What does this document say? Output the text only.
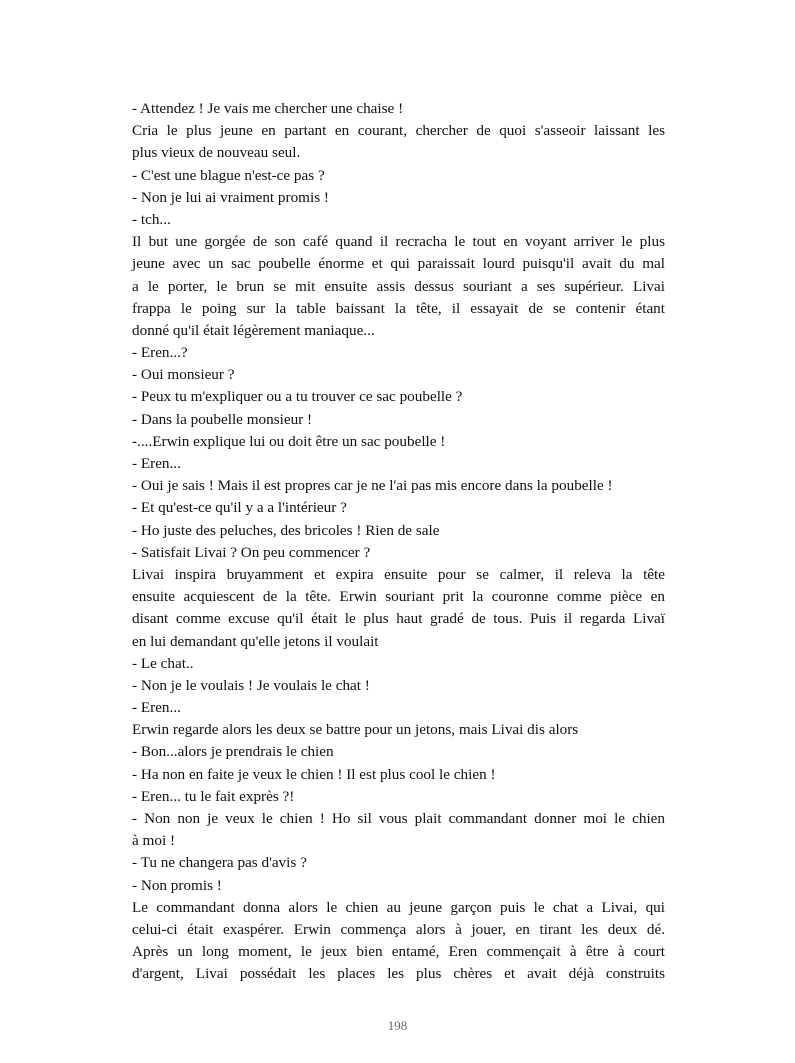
- Attendez ! Je vais me chercher une chaise !
Cria le plus jeune en partant en courant, chercher de quoi s'asseoir laissant les
plus vieux de nouveau seul.
- C'est une blague n'est-ce pas ?
- Non je lui ai vraiment promis !
- tch...
Il but une gorgée de son café quand il recracha le tout en voyant arriver le plus
jeune avec un sac poubelle énorme et qui paraissait lourd puisqu'il avait du mal
a le porter, le brun se mit ensuite assis dessus souriant a ses supérieur. Livai
frappa le poing sur la table baissant la tête, il essayait de se contenir étant
donné qu'il était légèrement maniaque...
- Eren...?
- Oui monsieur ?
- Peux tu m'expliquer ou a tu trouver ce sac poubelle ?
- Dans la poubelle monsieur !
-....Erwin explique lui ou doit être un sac poubelle !
- Eren...
- Oui je sais ! Mais il est propres car je ne l'ai pas mis encore dans la poubelle !
- Et qu'est-ce qu'il y a a l'intérieur ?
- Ho juste des peluches, des bricoles ! Rien de sale
- Satisfait Livai ? On peu commencer ?
Livai inspira bruyamment et expira ensuite pour se calmer, il releva la tête
ensuite acquiescent de la tête. Erwin souriant prit la couronne comme pièce en
disant comme excuse qu'il était le plus haut gradé de tous. Puis il regarda Livaï
en lui demandant qu'elle jetons il voulait
- Le chat..
- Non je le voulais ! Je voulais le chat !
- Eren...
Erwin regarde alors les deux se battre pour un jetons, mais Livai dis alors
- Bon...alors je prendrais le chien
- Ha non en faite je veux le chien ! Il est plus cool le chien !
- Eren... tu le fait exprès ?!
- Non non je veux le chien ! Ho sil vous plait commandant donner moi le chien
à moi !
- Tu ne changera pas d'avis ?
- Non promis !
Le commandant donna alors le chien au jeune garçon puis le chat a Livai, qui
celui-ci était exaspérer. Erwin commença alors à jouer, en tirant les deux dé.
Après un long moment, le jeux bien entamé, Eren commençait à être à court
d'argent, Livai possédait les places les plus chères et avait déjà construits
198
